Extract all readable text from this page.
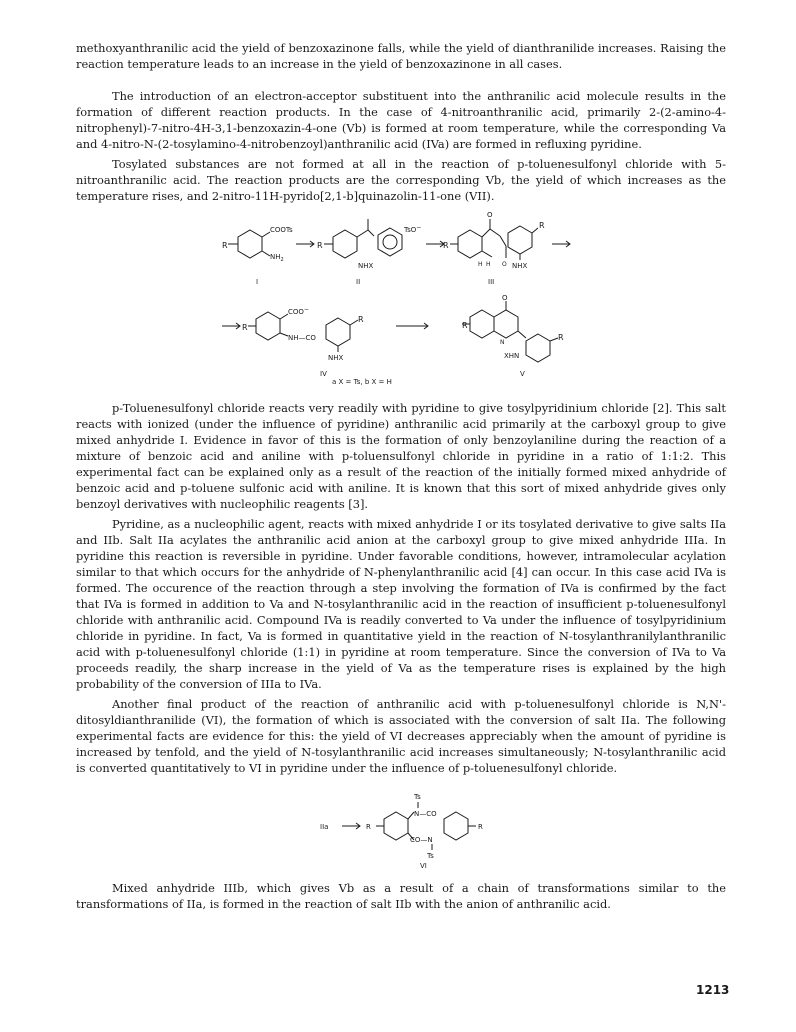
methoxyanthranilic acid the yield of benzoxazinone falls, while the yield of dianthranilide increases. Raising the reaction temperature leads to an increase in the yield of benzoxazinone in all cases.

The introduction of an electron-acceptor substituent into the anthranilic acid molecule results in the formation of different reaction products. In the case of 4-nitroanthranilic acid, primarily 2-(2-amino-4-nitrophenyl)-7-nitro-4H-3,1-benzoxazin-4-one (Vb) is formed at room temperature, while the corresponding Va and 4-nitro-N-(2-tosylamino-4-nitrobenzoyl)anthranilic acid (IVa) are formed in refluxing pyridine.

Tosylated substances are not formed at all in the reaction of p-toluenesulfonyl chloride with 5-nitroanthranilic acid. The reaction products are the corresponding Vb, the yield of which increases as the temperature rises, and 2-nitro-11H-pyrido[2,1-b]quinazolin-11-one (VII).

R
COOTs
$NH_2$
R
NHX
TsO−
R
O
H H O NHX
R
I	II	III
R
COO−
NH—CO
R
NHX
IV
O
R
N
XHN
R
V
a X = Ts, b X = H

p-Toluenesulfonyl chloride reacts very readily with pyridine to give tosylpyridinium chloride [2]. This salt reacts with ionized (under the influence of pyridine) anthranilic acid primarily at the carboxyl group to give mixed anhydride I. Evidence in favor of this is the formation of only benzoylaniline during the reaction of a mixture of benzoic acid and aniline with p-toluensulfonyl chloride in pyridine in a ratio of 1:1:2. This experimental fact can be explained only as a result of the reaction of the initially formed mixed anhydride of benzoic acid and p-toluene sulfonic acid with aniline. It is known that this sort of mixed anhydride gives only benzoyl derivatives with nucleophilic reagents [3].

Pyridine, as a nucleophilic agent, reacts with mixed anhydride I or its tosylated derivative to give salts IIa and IIb. Salt IIa acylates the anthranilic acid anion at the carboxyl group to give mixed anhydride IIIa. In pyridine this reaction is reversible in pyridine. Under favorable conditions, however, intramolecular acylation similar to that which occurs for the anhydride of N-phenylanthranilic acid [4] can occur. In this case acid IVa is formed. The occurence of the reaction through a step involving the formation of IVa is confirmed by the fact that IVa is formed in addition to Va and N-tosylanthranilic acid in the reaction of insufficient p-toluenesulfonyl chloride with anthranilic acid. Compound IVa is readily converted to Va under the influence of tosylpyridinium chloride in pyridine. In fact, Va is formed in quantitative yield in the reaction of N-tosylanthranilylanthranilic acid with p-toluenesulfonyl chloride (1:1) in pyridine at room temperature. Since the conversion of IVa to Va proceeds readily, the sharp increase in the yield of Va as the temperature rises is explained by the high probability of the conversion of IIIa to IVa.

Another final product of the reaction of anthranilic acid with p-toluenesulfonyl chloride is N,N'-ditosyldianthranilide (VI), the formation of which is associated with the conversion of salt IIa. The following experimental facts are evidence for this: the yield of VI decreases appreciably when the amount of pyridine is increased by tenfold, and the yield of N-tosylanthranilic acid increases simultaneously; N-tosylanthranilic acid is converted quantitatively to VI in pyridine under the influence of p-toluenesulfonyl chloride.

IIa	R
Ts
N—CO
CO—N
Ts
R
VI

Mixed anhydride IIIb, which gives Vb as a result of a chain of transformations similar to the transformations of IIa, is formed in the reaction of salt IIb with the anion of anthranilic acid.

1213
